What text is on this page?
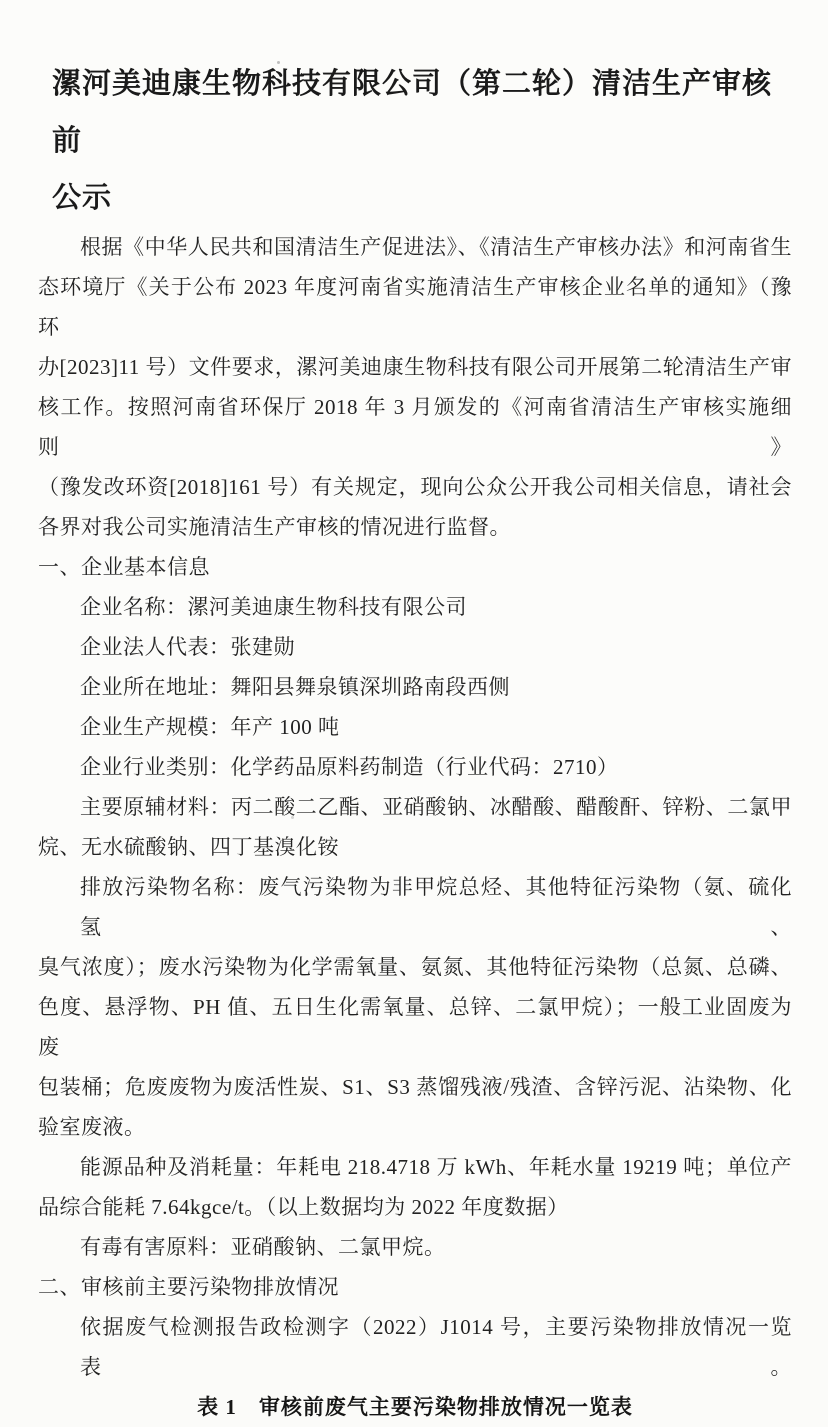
漯河美迪康生物科技有限公司（第二轮）清洁生产审核前
公示
根据《中华人民共和国清洁生产促进法》、《清洁生产审核办法》和河南省生
态环境厅《关于公布 2023 年度河南省实施清洁生产审核企业名单的通知》（豫环
办[2023]11 号）文件要求，漯河美迪康生物科技有限公司开展第二轮清洁生产审
核工作。按照河南省环保厅 2018 年 3 月颁发的《河南省清洁生产审核实施细则》
（豫发改环资[2018]161 号）有关规定，现向公众公开我公司相关信息，请社会
各界对我公司实施清洁生产审核的情况进行监督。
一、企业基本信息
企业名称：漯河美迪康生物科技有限公司
企业法人代表：张建勋
企业所在地址：舞阳县舞泉镇深圳路南段西侧
企业生产规模：年产 100 吨
企业行业类别：化学药品原料药制造（行业代码：2710）
主要原辅材料：丙二酸二乙酯、亚硝酸钠、冰醋酸、醋酸酐、锌粉、二氯甲
烷、无水硫酸钠、四丁基溴化铵
排放污染物名称：废气污染物为非甲烷总烃、其他特征污染物（氨、硫化氢、
臭气浓度）；废水污染物为化学需氧量、氨氮、其他特征污染物（总氮、总磷、
色度、悬浮物、PH 值、五日生化需氧量、总锌、二氯甲烷）；一般工业固废为废
包装桶；危废废物为废活性炭、S1、S3 蒸馏残液/残渣、含锌污泥、沾染物、化
验室废液。
能源品种及消耗量：年耗电 218.4718 万 kWh、年耗水量 19219 吨；单位产
品综合能耗 7.64kgce/t。（以上数据均为 2022 年度数据）
有毒有害原料：亚硝酸钠、二氯甲烷。
二、审核前主要污染物排放情况
依据废气检测报告政检测字（2022）J1014 号，主要污染物排放情况一览表。
表 1　审核前废气主要污染物排放情况一览表
